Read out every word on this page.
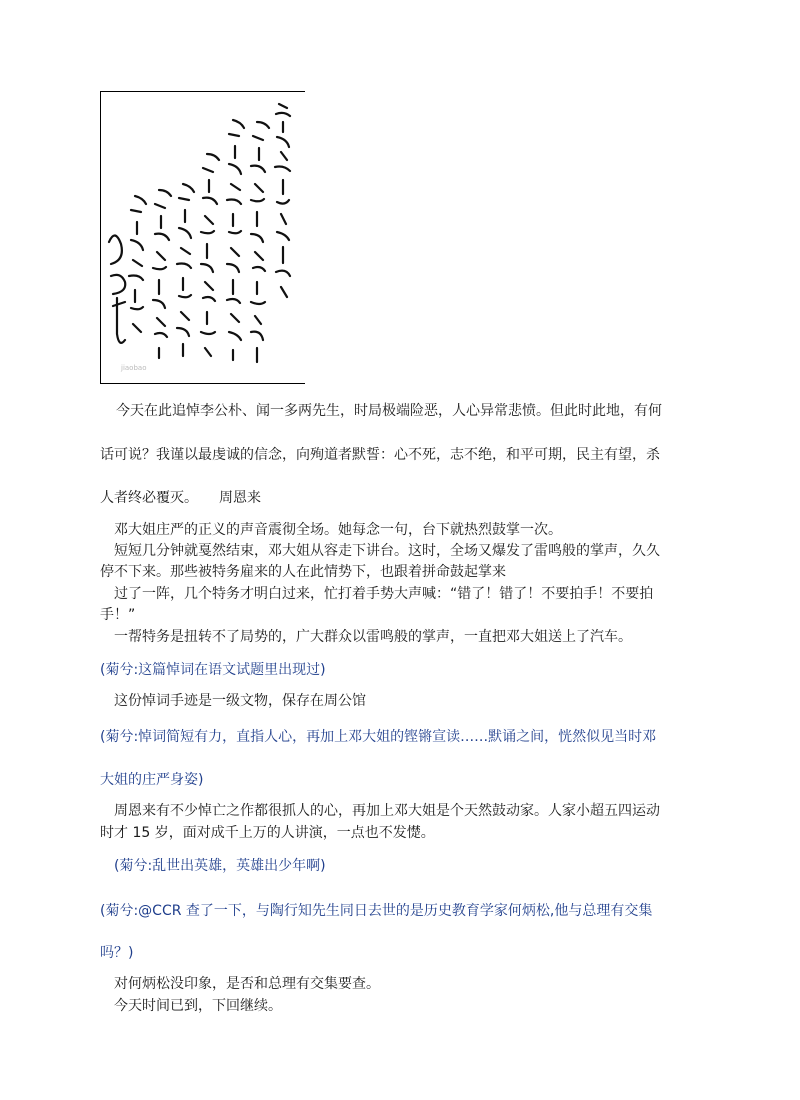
jiaobao

今天在此追悼李公朴、闻一多两先生，时局极端险恶，人心异常悲愤。但此时此地，有何

话可说？我谨以最虔诚的信念，向殉道者默誓：心不死，志不绝，和平可期，民主有望，杀

人者终必覆灭。　　周恩来

　邓大姐庄严的正义的声音震彻全场。她每念一句，台下就热烈鼓掌一次。

　短短几分钟就戛然结束，邓大姐从容走下讲台。这时，全场又爆发了雷鸣般的掌声，久久

停不下来。那些被特务雇来的人在此情势下，也跟着拼命鼓起掌来

　过了一阵，几个特务才明白过来，忙打着手势大声喊：“错了！错了！不要拍手！不要拍

手！”

　一帮特务是扭转不了局势的，广大群众以雷鸣般的掌声，一直把邓大姐送上了汽车。

(菊兮:这篇悼词在语文试题里出现过)

　这份悼词手迹是一级文物，保存在周公馆

(菊兮:悼词简短有力，直指人心，再加上邓大姐的铿锵宣读……默诵之间，恍然似见当时邓

大姐的庄严身姿)

　周恩来有不少悼亡之作都很抓人的心，再加上邓大姐是个天然鼓动家。人家小超五四运动

时才 15 岁，面对成千上万的人讲演，一点也不发憷。

　(菊兮:乱世出英雄，英雄出少年啊)

(菊兮:@CCR 查了一下，与陶行知先生同日去世的是历史教育学家何炳松,他与总理有交集

吗？)

　对何炳松没印象，是否和总理有交集要查。

　今天时间已到，下回继续。
